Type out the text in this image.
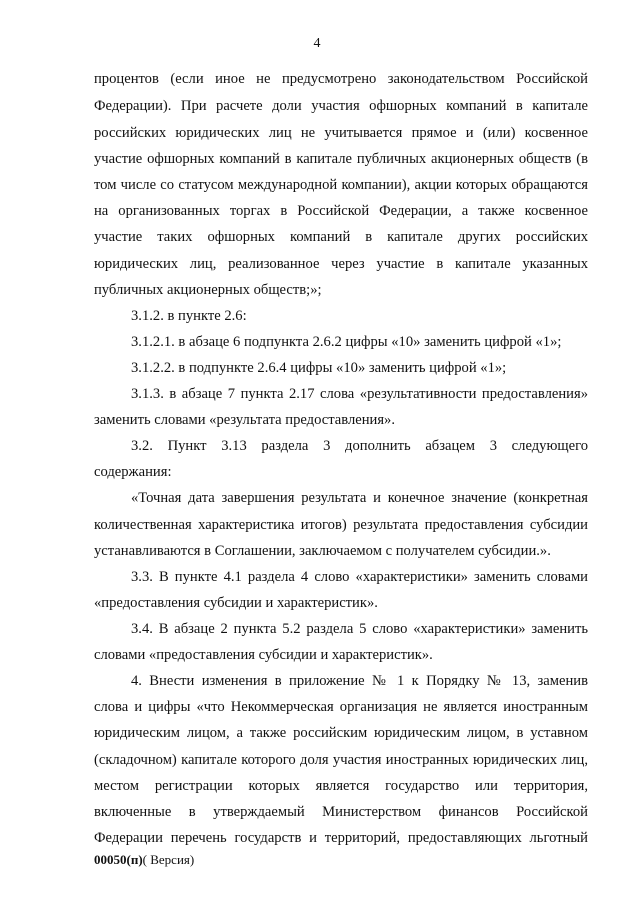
4
процентов (если иное не предусмотрено законодательством Российской
Федерации). При расчете доли участия офшорных компаний в капитале
российских юридических лиц не учитывается прямое и (или) косвенное
участие офшорных компаний в капитале публичных акционерных обществ (в
том числе со статусом международной компании), акции которых обращаются
на организованных торгах в Российской Федерации, а также косвенное
участие таких офшорных компаний в капитале других российских
юридических лиц, реализованное через участие в капитале указанных
публичных акционерных обществ;»;
3.1.2. в пункте 2.6:
3.1.2.1. в абзаце 6 подпункта 2.6.2 цифры «10» заменить цифрой «1»;
3.1.2.2. в подпункте 2.6.4 цифры «10» заменить цифрой «1»;
3.1.3. в абзаце 7 пункта 2.17 слова «результативности предоставления»
заменить словами «результата предоставления».
3.2. Пункт 3.13 раздела 3 дополнить абзацем 3 следующего
содержания:
«Точная дата завершения результата и конечное значение (конкретная
количественная характеристика итогов) результата предоставления субсидии
устанавливаются в Соглашении, заключаемом с получателем субсидии.».
3.3. В пункте 4.1 раздела 4 слово «характеристики» заменить словами
«предоставления субсидии и характеристик».
3.4. В абзаце 2 пункта 5.2 раздела 5 слово «характеристики» заменить
словами «предоставления субсидии и характеристик».
4. Внести изменения в приложение № 1 к Порядку № 13, заменив
слова и цифры «что Некоммерческая организация не является иностранным
юридическим лицом, а также российским юридическим лицом, в уставном
(складочном) капитале которого доля участия иностранных юридических лиц,
местом регистрации которых является государство или территория,
включенные в утверждаемый Министерством финансов Российской
Федерации перечень государств и территорий, предоставляющих льготный
00050(п)( Версия)
